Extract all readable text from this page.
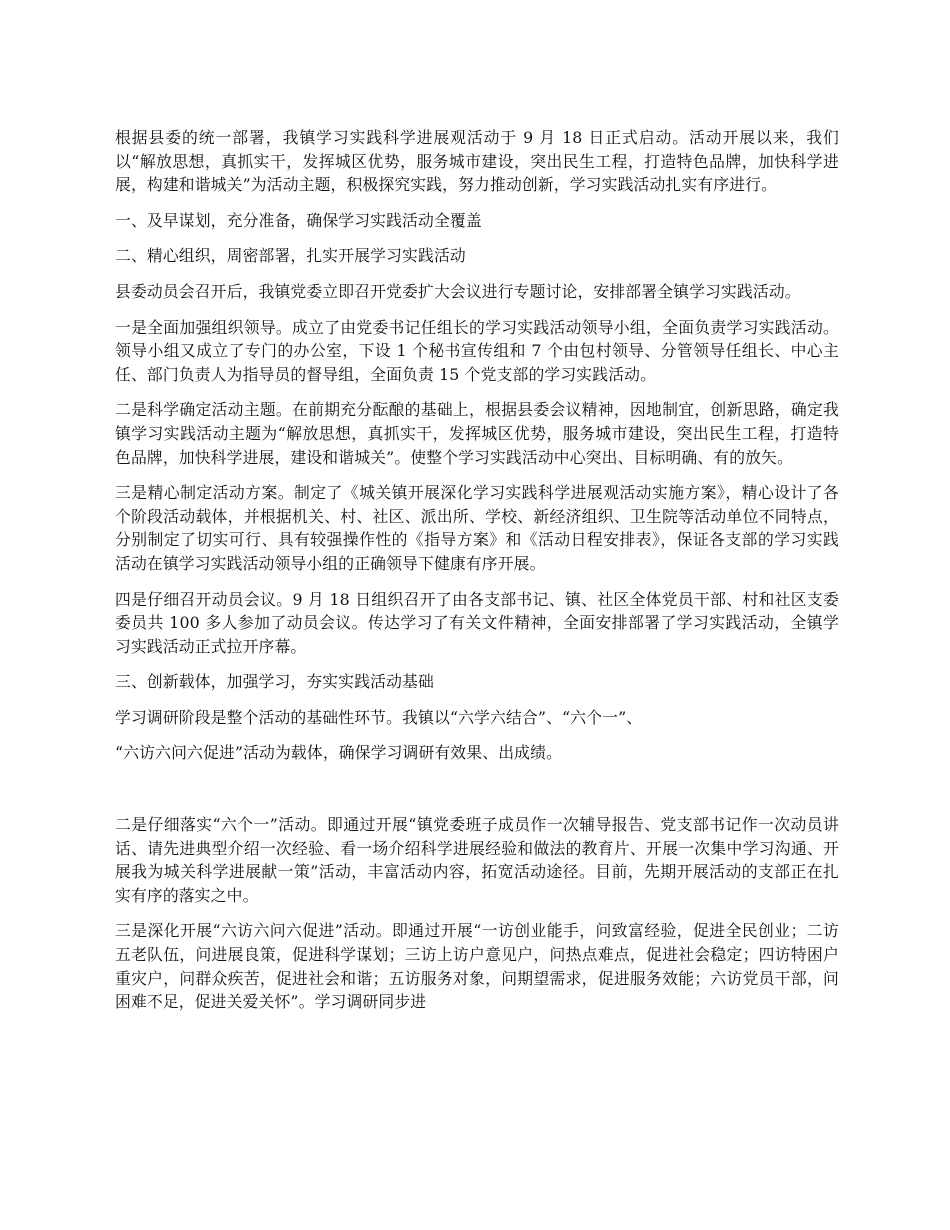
根据县委的统一部署，我镇学习实践科学进展观活动于 9 月 18 日正式启动。活动开展以来，我们以“解放思想，真抓实干，发挥城区优势，服务城市建设，突出民生工程，打造特色品牌，加快科学进展，构建和谐城关”为活动主题，积极探究实践，努力推动创新，学习实践活动扎实有序进行。

一、及早谋划，充分准备，确保学习实践活动全覆盖

二、精心组织，周密部署，扎实开展学习实践活动

县委动员会召开后，我镇党委立即召开党委扩大会议进行专题讨论，安排部署全镇学习实践活动。

一是全面加强组织领导。成立了由党委书记任组长的学习实践活动领导小组，全面负责学习实践活动。领导小组又成立了专门的办公室，下设 1 个秘书宣传组和 7 个由包村领导、分管领导任组长、中心主任、部门负责人为指导员的督导组，全面负责 15 个党支部的学习实践活动。

二是科学确定活动主题。在前期充分酝酿的基础上，根据县委会议精神，因地制宜，创新思路，确定我镇学习实践活动主题为“解放思想，真抓实干，发挥城区优势，服务城市建设，突出民生工程，打造特色品牌，加快科学进展，建设和谐城关”。使整个学习实践活动中心突出、目标明确、有的放矢。

三是精心制定活动方案。制定了《城关镇开展深化学习实践科学进展观活动实施方案》，精心设计了各个阶段活动载体，并根据机关、村、社区、派出所、学校、新经济组织、卫生院等活动单位不同特点，分别制定了切实可行、具有较强操作性的《指导方案》和《活动日程安排表》，保证各支部的学习实践活动在镇学习实践活动领导小组的正确领导下健康有序开展。

四是仔细召开动员会议。9 月 18 日组织召开了由各支部书记、镇、社区全体党员干部、村和社区支委委员共 100 多人参加了动员会议。传达学习了有关文件精神，全面安排部署了学习实践活动，全镇学习实践活动正式拉开序幕。

三、创新载体，加强学习，夯实实践活动基础

学习调研阶段是整个活动的基础性环节。我镇以“六学六结合”、“六个一”、

“六访六问六促进”活动为载体，确保学习调研有效果、出成绩。

二是仔细落实“六个一”活动。即通过开展“镇党委班子成员作一次辅导报告、党支部书记作一次动员讲话、请先进典型介绍一次经验、看一场介绍科学进展经验和做法的教育片、开展一次集中学习沟通、开展我为城关科学进展献一策”活动，丰富活动内容，拓宽活动途径。目前，先期开展活动的支部正在扎实有序的落实之中。

三是深化开展“六访六问六促进”活动。即通过开展“一访创业能手，问致富经验，促进全民创业；二访五老队伍，问进展良策，促进科学谋划；三访上访户意见户，问热点难点，促进社会稳定；四访特困户重灾户，问群众疾苦，促进社会和谐；五访服务对象，问期望需求，促进服务效能；六访党员干部，问困难不足，促进关爱关怀”。学习调研同步进
